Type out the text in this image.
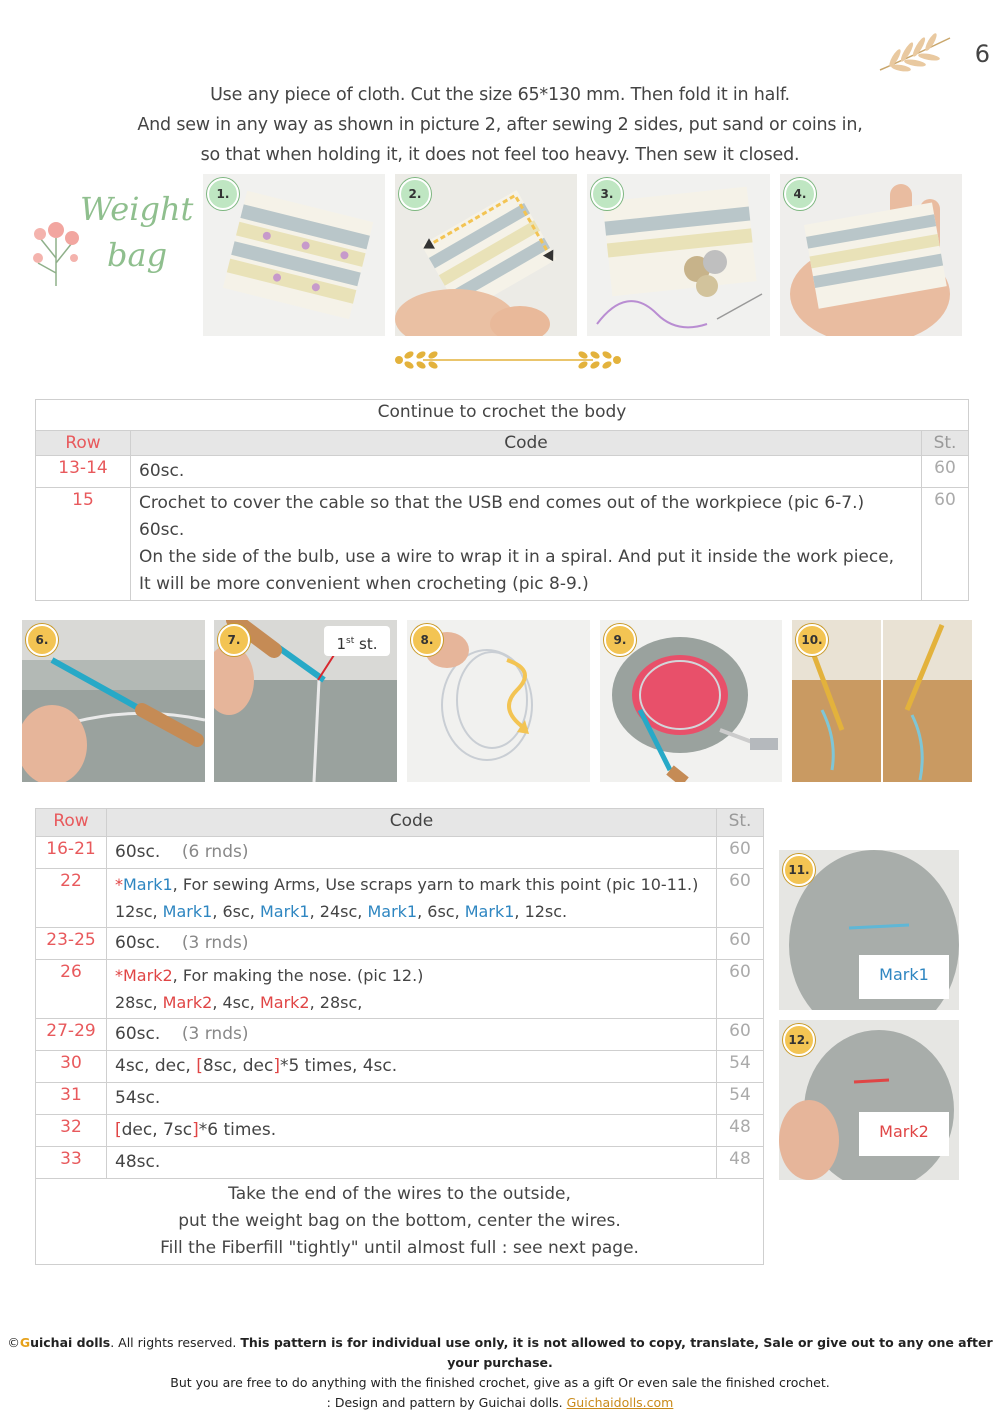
6
Use any piece of cloth. Cut the size 65*130 mm. Then fold it in half.
And sew in any way as shown in picture 2, after sewing 2 sides, put sand or coins in,
so that when holding it, it does not feel too heavy. Then sew it closed.
Weight
bag
1.	2.	3.	4.
Continue to crochet the body		
Row	Code	St.
13-14	60sc.	60
15	Crochet to cover the cable so that the USB end comes out of the workpiece (pic 6-7.)
60sc.
On the side of the bulb, use a wire to wrap it in a spiral. And put it inside the work piece,
It will be more convenient when crocheting (pic 8-9.)	60
6.	1st st.
7.	8.	9.	10.
Row	Code	St.
16-21	60sc. (6 rnds)	60
22	*Mark1, For sewing Arms, Use scraps yarn to mark this point (pic 10-11.)
12sc, Mark1, 6sc, Mark1, 24sc, Mark1, 6sc, Mark1, 12sc.	60
23-25	60sc. (3 rnds)	60
26	*Mark2, For making the nose. (pic 12.)
28sc, Mark2, 4sc, Mark2, 28sc,	60
27-29	60sc. (3 rnds)	60
30	4sc, dec, [8sc, dec]*5 times, 4sc.	54
31	54sc.	54
32	[dec, 7sc]*6 times.	48
33	48sc.	48

Take the end of the wires to the outside,
put the weight bag on the bottom, center the wires.
Fill the Fiberfill "tightly" until almost full : see next page.		
11.
Mark1
12.
Mark2
©Guichai dolls. All rights reserved. This pattern is for individual use only, it is not allowed to copy, translate, Sale or give out to any one after your purchase.
But you are free to do anything with the finished crochet, give as a gift Or even sale the finished crochet.
: Design and pattern by Guichai dolls. Guichaidolls.com
